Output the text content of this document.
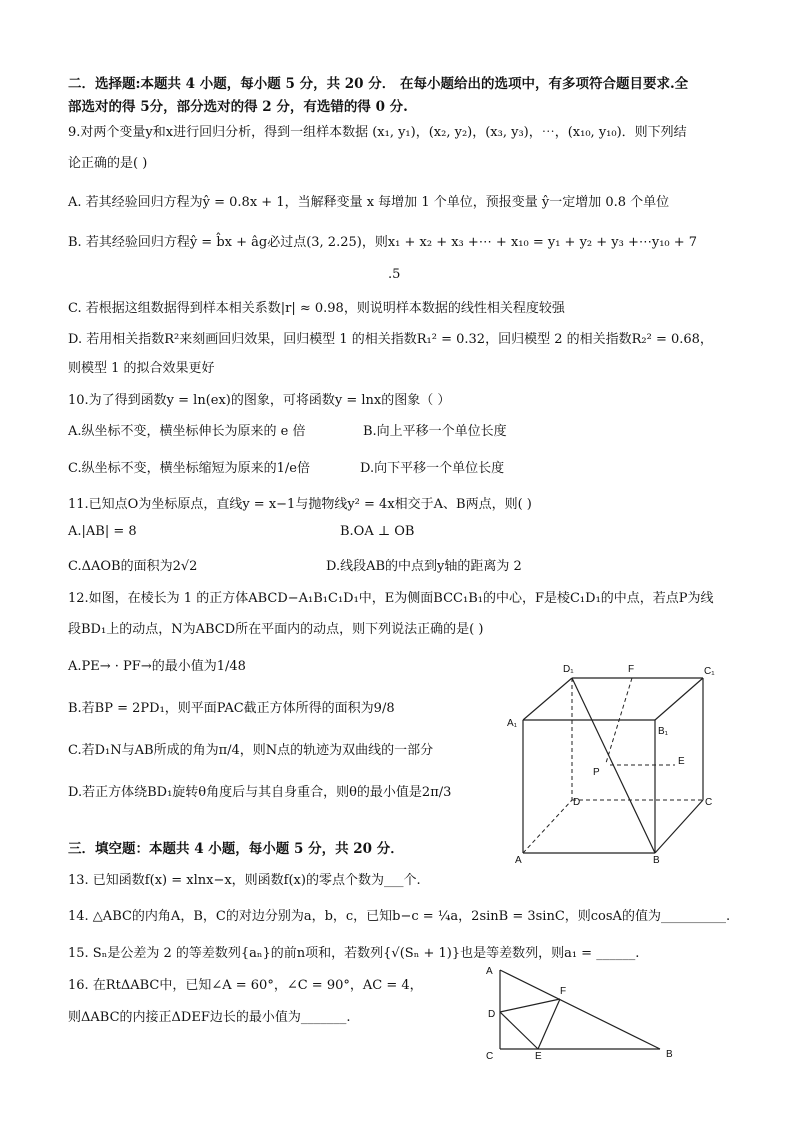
二．选择题:本题共 4 小题，每小题 5 分，共 20 分． 在每小题给出的选项中，有多项符合题目要求.全
部选对的得 5分，部分选对的得 2 分，有选错的得 0 分.
9.对两个变量y和x进行回归分析，得到一组样本数据 (x₁, y₁)，(x₂, y₂)，(x₃, y₃)，⋯，(x₁₀, y₁₀)．则下列结
论正确的是( )
A. 若其经验回归方程为ŷ = 0.8x + 1，当解释变量 x 每增加 1 个单位，预报变量 ŷ一定增加 0.8 个单位
B. 若其经验回归方程ŷ = b̂x + âg必过点(3, 2.25)，则x₁ + x₂ + x₃ +⋯ + x₁₀ = y₁ + y₂ + y₃ +⋯y₁₀ + 7
.5
C. 若根据这组数据得到样本相关系数|r| ≈ 0.98，则说明样本数据的线性相关程度较强
D. 若用相关指数R²来刻画回归效果，回归模型 1 的相关指数R₁² = 0.32，回归模型 2 的相关指数R₂² = 0.68，
则模型 1 的拟合效果更好
10.为了得到函数y = ln(ex)的图象，可将函数y = lnx的图象（ ）
A.纵坐标不变，横坐标伸长为原来的 e 倍	B.向上平移一个单位长度
C.纵坐标不变，横坐标缩短为原来的1/e倍	D.向下平移一个单位长度
11.已知点O为坐标原点，直线y = x−1与抛物线y² = 4x相交于A、B两点，则( )
A.|AB| = 8	B.OA ⊥ OB
C.ΔAOB的面积为2√2	D.线段AB的中点到y轴的距离为 2
12.如图，在棱长为 1 的正方体ABCD−A₁B₁C₁D₁中，E为侧面BCC₁B₁的中心，F是棱C₁D₁的中点，若点P为线
段BD₁上的动点，N为ABCD所在平面内的动点，则下列说法正确的是( )
A.PE→ · PF→的最小值为1/48
B.若BP = 2PD₁，则平面PAC截正方体所得的面积为9/8
C.若D₁N与AB所成的角为π/4，则N点的轨迹为双曲线的一部分
D.若正方体绕BD₁旋转θ角度后与其自身重合，则θ的最小值是2π/3
D₁	F	C₁
A₁
B₁
P
E
D	C
A	B
三．填空题：本题共 4 小题，每小题 5 分，共 20 分．
13. 已知函数f(x) = xlnx−x，则函数f(x)的零点个数为___个.
14. △ABC的内角A，B，C的对边分别为a，b，c，已知b−c = ¼a，2sinB = 3sinC，则cosA的值为__________.
15. Sₙ是公差为 2 的等差数列{aₙ}的前n项和，若数列{√(Sₙ + 1)}也是等差数列，则a₁ = ______.
16. 在RtΔABC中，已知∠A = 60°，∠C = 90°，AC = 4，
则ΔABC的内接正ΔDEF边长的最小值为_______.
A
F
D
C	E	B
